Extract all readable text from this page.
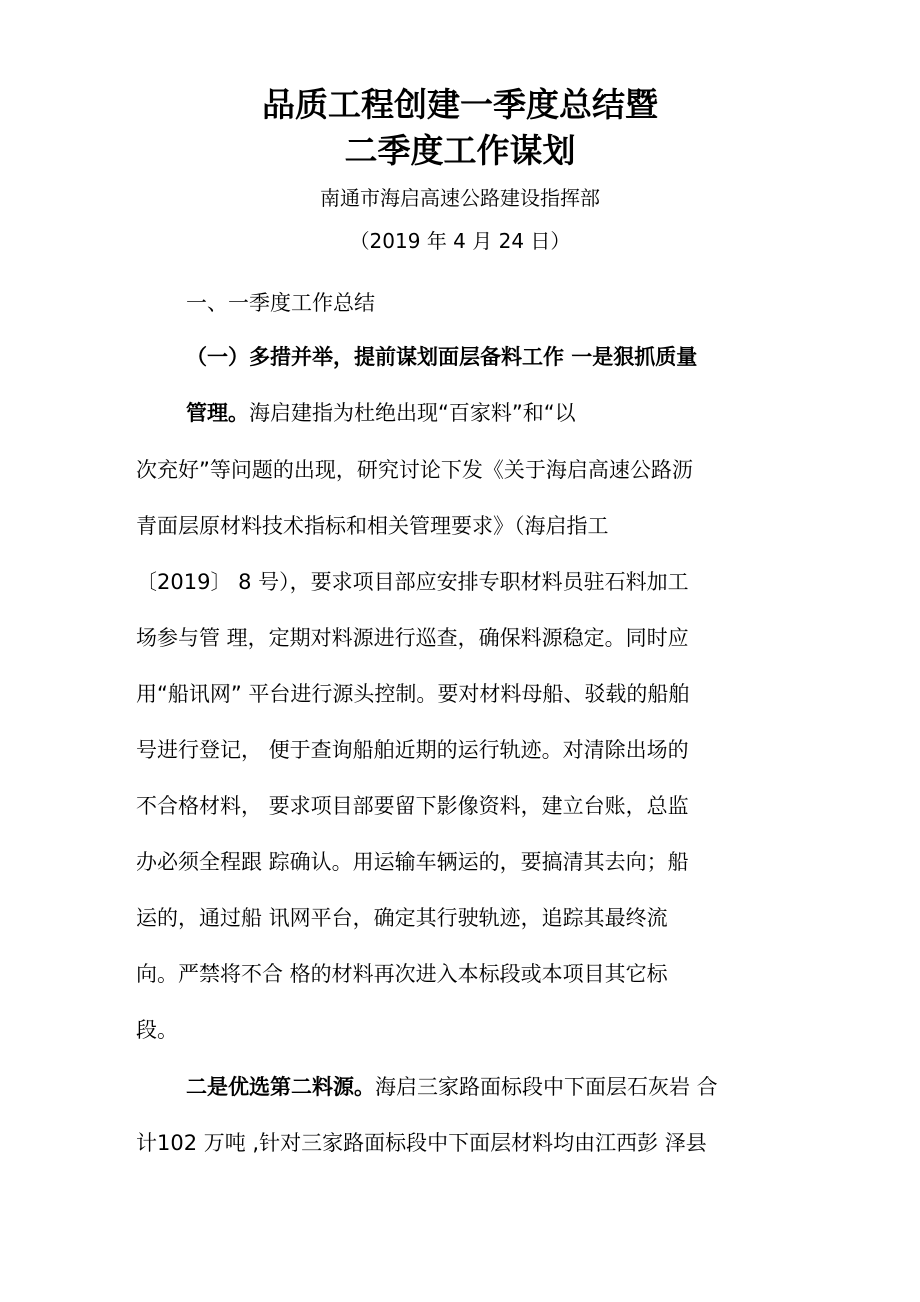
品质工程创建一季度总结暨
二季度工作谋划
南通市海启高速公路建设指挥部
（2019 年 4 月 24 日）
一、一季度工作总结
（一）多措并举，提前谋划面层备料工作 一是狠抓质量
管理。海启建指为杜绝出现“百家料”和“以
次充好”等问题的出现，研究讨论下发《关于海启高速公路沥
青面层原材料技术指标和相关管理要求》（海启指工
〔2019〕 8 号），要求项目部应安排专职材料员驻石料加工
场参与管 理，定期对料源进行巡查，确保料源稳定。同时应
用“船讯网” 平台进行源头控制。要对材料母船、驳载的船舶
号进行登记， 便于查询船舶近期的运行轨迹。对清除出场的
不合格材料， 要求项目部要留下影像资料，建立台账，总监
办必须全程跟 踪确认。用运输车辆运的，要搞清其去向；船
运的，通过船 讯网平台，确定其行驶轨迹，追踪其最终流
向。严禁将不合 格的材料再次进入本标段或本项目其它标
段。
二是优选第二料源。海启三家路面标段中下面层石灰岩 合
计102 万吨 ,针对三家路面标段中下面层材料均由江西彭 泽县
